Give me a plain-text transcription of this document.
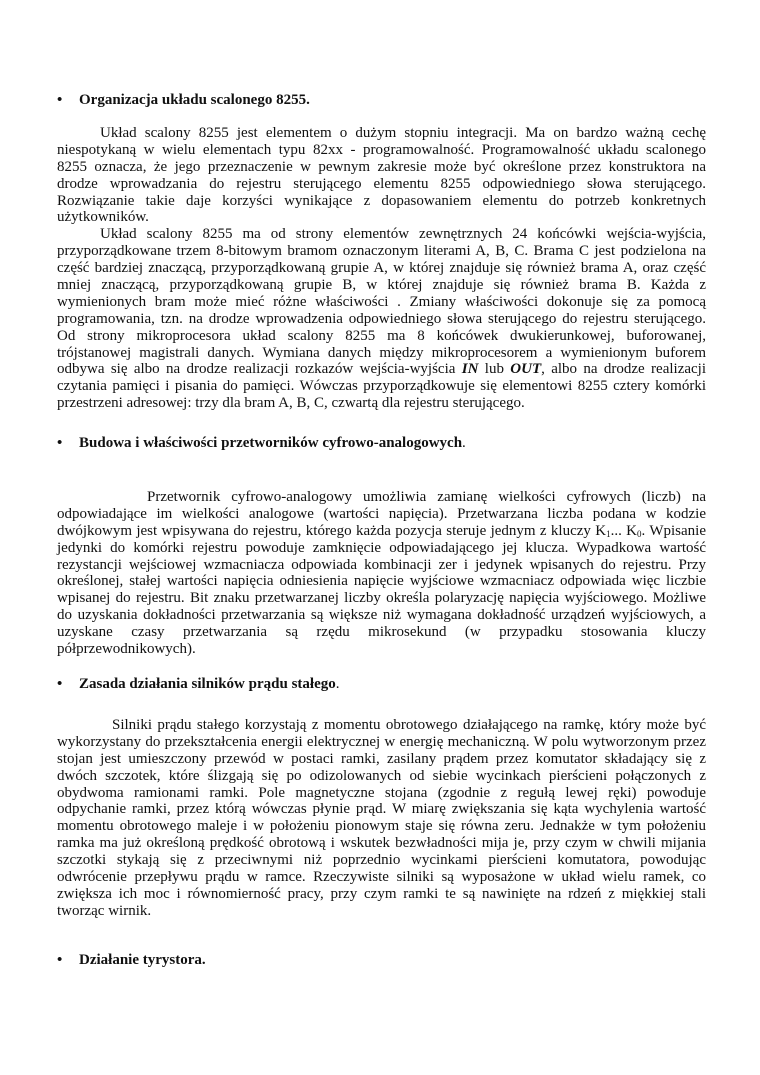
•	Organizacja układu scalonego 8255.
Układ scalony 8255 jest elementem o dużym stopniu integracji. Ma on bardzo ważną cechę
niespotykaną w wielu elementach typu 82xx - programowalność. Programowalność układu scalonego
8255 oznacza, że jego przeznaczenie w pewnym zakresie może być określone przez konstruktora na
drodze wprowadzania do rejestru sterującego elementu 8255 odpowiedniego słowa sterującego.
Rozwiązanie takie daje korzyści wynikające z dopasowaniem elementu do potrzeb konkretnych
użytkowników.
Układ scalony 8255 ma od strony elementów zewnętrznych 24 końcówki wejścia-wyjścia,
przyporządkowane trzem 8-bitowym bramom oznaczonym literami A, B, C. Brama C jest podzielona na
część bardziej znaczącą, przyporządkowaną grupie A, w której znajduje się również brama A, oraz część
mniej znaczącą, przyporządkowaną grupie B, w której znajduje się również brama B. Każda z
wymienionych bram może mieć różne właściwości . Zmiany właściwości dokonuje się za pomocą
programowania, tzn. na drodze wprowadzenia odpowiedniego słowa sterującego do rejestru sterującego.
Od strony mikroprocesora układ scalony 8255 ma 8 końcówek dwukierunkowej, buforowanej,
trójstanowej magistrali danych. Wymiana danych między mikroprocesorem a wymienionym buforem
odbywa się albo na drodze realizacji rozkazów wejścia-wyjścia IN lub OUT, albo na drodze realizacji
czytania pamięci i pisania do pamięci. Wówczas przyporządkowuje się elementowi 8255 cztery komórki
przestrzeni adresowej: trzy dla bram A, B, C, czwartą dla rejestru sterującego.
•	Budowa i właściwości przetworników cyfrowo-analogowych.
Przetwornik cyfrowo-analogowy umożliwia zamianę wielkości cyfrowych (liczb) na
odpowiadające im wielkości analogowe (wartości napięcia). Przetwarzana liczba podana w kodzie
dwójkowym jest wpisywana do rejestru, którego każda pozycja steruje jednym z kluczy $K_1$... $K_0$. Wpisanie
jedynki do komórki rejestru powoduje zamknięcie odpowiadającego jej klucza. Wypadkowa wartość
rezystancji wejściowej wzmacniacza odpowiada kombinacji zer i jedynek wpisanych do rejestru. Przy
określonej, stałej wartości napięcia odniesienia napięcie wyjściowe wzmacniacz odpowiada więc liczbie
wpisanej do rejestru. Bit znaku przetwarzanej liczby określa polaryzację napięcia wyjściowego. Możliwe
do uzyskania dokładności przetwarzania są większe niż wymagana dokładność urządzeń wyjściowych, a
uzyskane czasy przetwarzania są rzędu mikrosekund (w przypadku stosowania kluczy
półprzewodnikowych).
•	Zasada działania silników prądu stałego.
Silniki prądu stałego korzystają z momentu obrotowego działającego na ramkę, który może być
wykorzystany do przekształcenia energii elektrycznej w energię mechaniczną. W polu wytworzonym przez
stojan jest umieszczony przewód w postaci ramki, zasilany prądem przez komutator składający się z
dwóch szczotek, które ślizgają się po odizolowanych od siebie wycinkach pierścieni połączonych z
obydwoma ramionami ramki. Pole magnetyczne stojana (zgodnie z regułą lewej ręki) powoduje
odpychanie ramki, przez którą wówczas płynie prąd. W miarę zwiększania się kąta wychylenia wartość
momentu obrotowego maleje i w położeniu pionowym staje się równa zeru. Jednakże w tym położeniu
ramka ma już określoną prędkość obrotową i wskutek bezwładności mija je, przy czym w chwili mijania
szczotki stykają się z przeciwnymi niż poprzednio wycinkami pierścieni komutatora, powodując
odwrócenie przepływu prądu w ramce. Rzeczywiste silniki są wyposażone w układ wielu ramek, co
zwiększa ich moc i równomierność pracy, przy czym ramki te są nawinięte na rdzeń z miękkiej stali
tworząc wirnik.
•	Działanie tyrystora.
